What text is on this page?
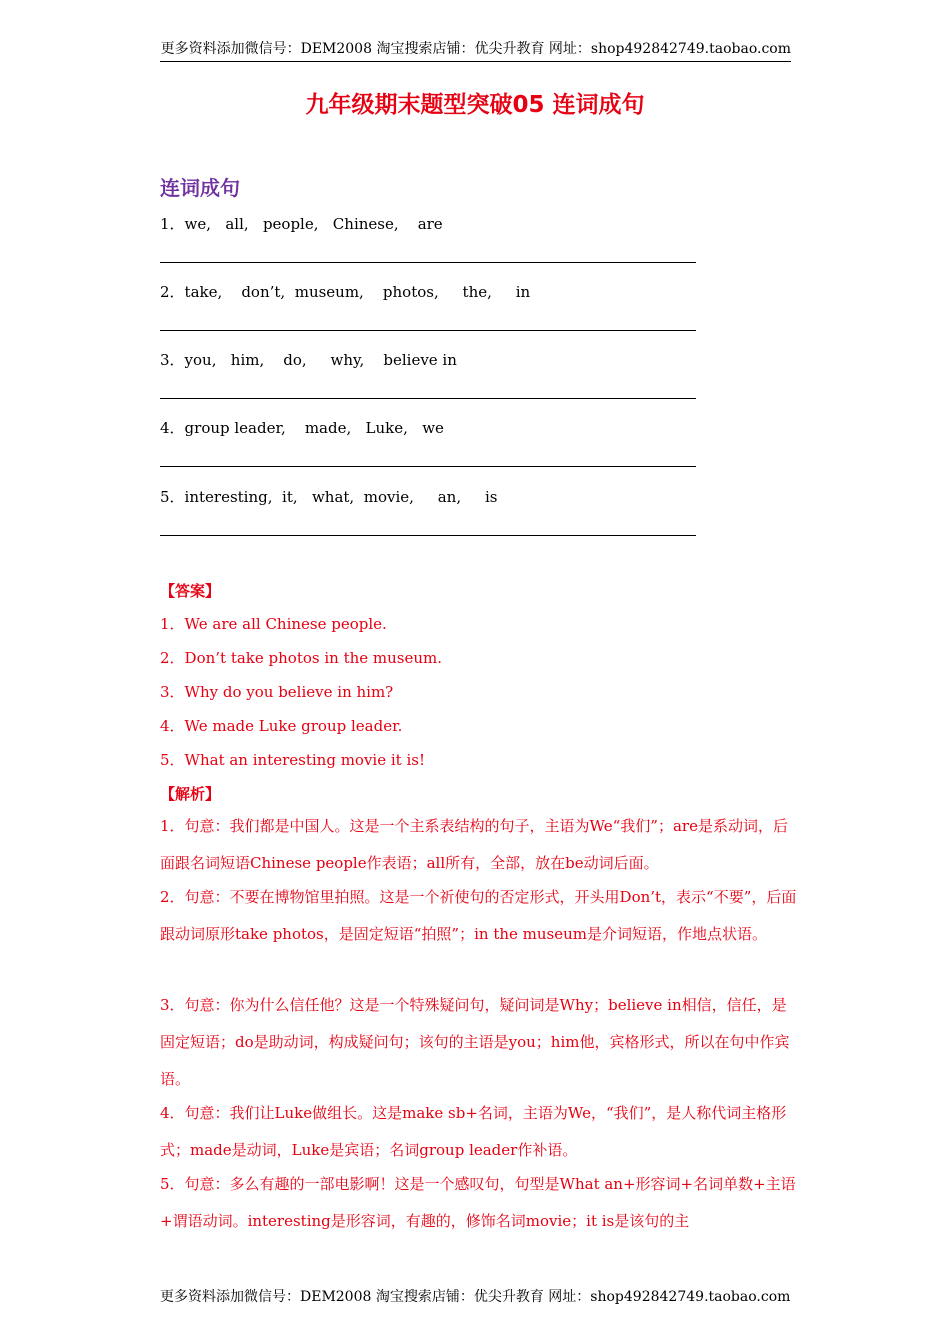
更多资料添加微信号：DEM2008 淘宝搜索店铺：优尖升教育 网址：shop492842749.taobao.com
九年级期末题型突破05 连词成句
连词成句
1．we,   all,   people,   Chinese,    are
2．take,    don’t,  museum,    photos,     the,     in
3．you,   him,    do,     why,    believe in
4．group leader,    made,   Luke,   we
5．interesting,  it,   what,  movie,     an,     is
【答案】
1．We are all Chinese people.
2．Don’t take photos in the museum.
3．Why do you believe in him?
4．We made Luke group leader.
5．What an interesting movie it is!
【解析】
1．句意：我们都是中国人。这是一个主系表结构的句子，主语为We“我们”；are是系动词，后面跟名词短语Chinese people作表语；all所有，全部，放在be动词后面。
2．句意：不要在博物馆里拍照。这是一个祈使句的否定形式，开头用Don’t，表示“不要”，后面跟动词原形take photos，是固定短语“拍照”；in the museum是介词短语，作地点状语。
3．句意：你为什么信任他？这是一个特殊疑问句，疑问词是Why；believe in相信，信任，是固定短语；do是助动词，构成疑问句；该句的主语是you；him他，宾格形式，所以在句中作宾语。
4．句意：我们让Luke做组长。这是make sb+名词，主语为We，“我们”，是人称代词主格形式；made是动词，Luke是宾语；名词group leader作补语。
5．句意：多么有趣的一部电影啊！这是一个感叹句，句型是What an+形容词+名词单数+主语+谓语动词。interesting是形容词，有趣的，修饰名词movie；it is是该句的主
更多资料添加微信号：DEM2008 淘宝搜索店铺：优尖升教育 网址：shop492842749.taobao.com
